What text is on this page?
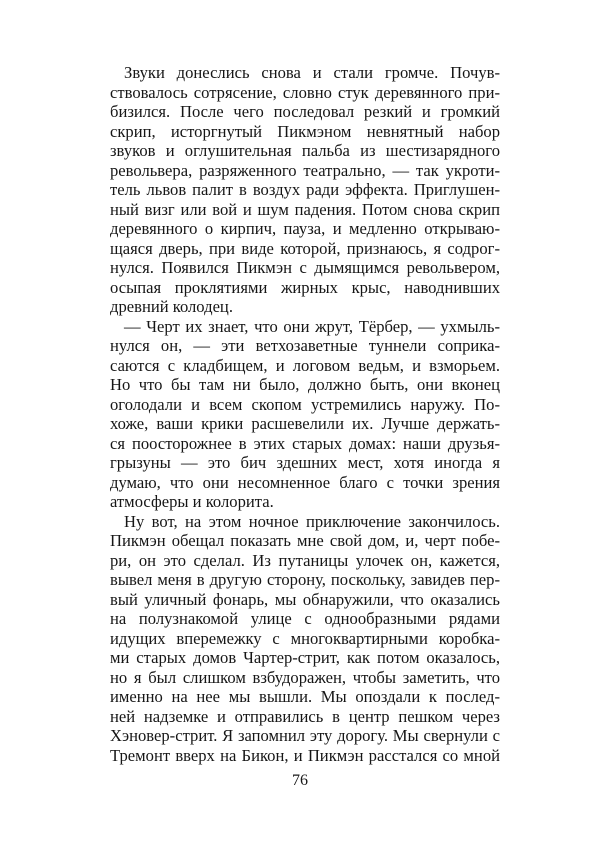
Звуки донеслись снова и стали громче. Почув-
ствовалось сотрясение, словно стук деревянного при-
бизился. После чего последовал резкий и громкий
скрип, исторгнутый Пикмэном невнятный набор
звуков и оглушительная пальба из шестизарядного
револьвера, разряженного театрально, — так укроти-
тель львов палит в воздух ради эффекта. Приглушен-
ный визг или вой и шум падения. Потом снова скрип
деревянного о кирпич, пауза, и медленно открываю-
щаяся дверь, при виде которой, признаюсь, я содрог-
нулся. Появился Пикмэн с дымящимся револьвером,
осыпая проклятиями жирных крыс, наводнивших
древний колодец.
— Черт их знает, что они жрут, Тёрбер, — ухмыль-
нулся он, — эти ветхозаветные туннели соприка-
саются с кладбищем, и логовом ведьм, и взморьем.
Но что бы там ни было, должно быть, они вконец
оголодали и всем скопом устремились наружу. По-
хоже, ваши крики расшевелили их. Лучше держать-
ся поосторожнее в этих старых домах: наши друзья-
грызуны — это бич здешних мест, хотя иногда я
думаю, что они несомненное благо с точки зрения
атмосферы и колорита.
Ну вот, на этом ночное приключение закончилось.
Пикмэн обещал показать мне свой дом, и, черт побе-
ри, он это сделал. Из путаницы улочек он, кажется,
вывел меня в другую сторону, поскольку, завидев пер-
вый уличный фонарь, мы обнаружили, что оказались
на полузнакомой улице с однообразными рядами
идущих вперемежку с многоквартирными коробка-
ми старых домов Чартер-стрит, как потом оказалось,
но я был слишком взбудоражен, чтобы заметить, что
именно на нее мы вышли. Мы опоздали к послед-
ней надземке и отправились в центр пешком через
Хэновер-стрит. Я запомнил эту дорогу. Мы свернули с
Тремонт вверх на Бикон, и Пикмэн расстался со мной
76
